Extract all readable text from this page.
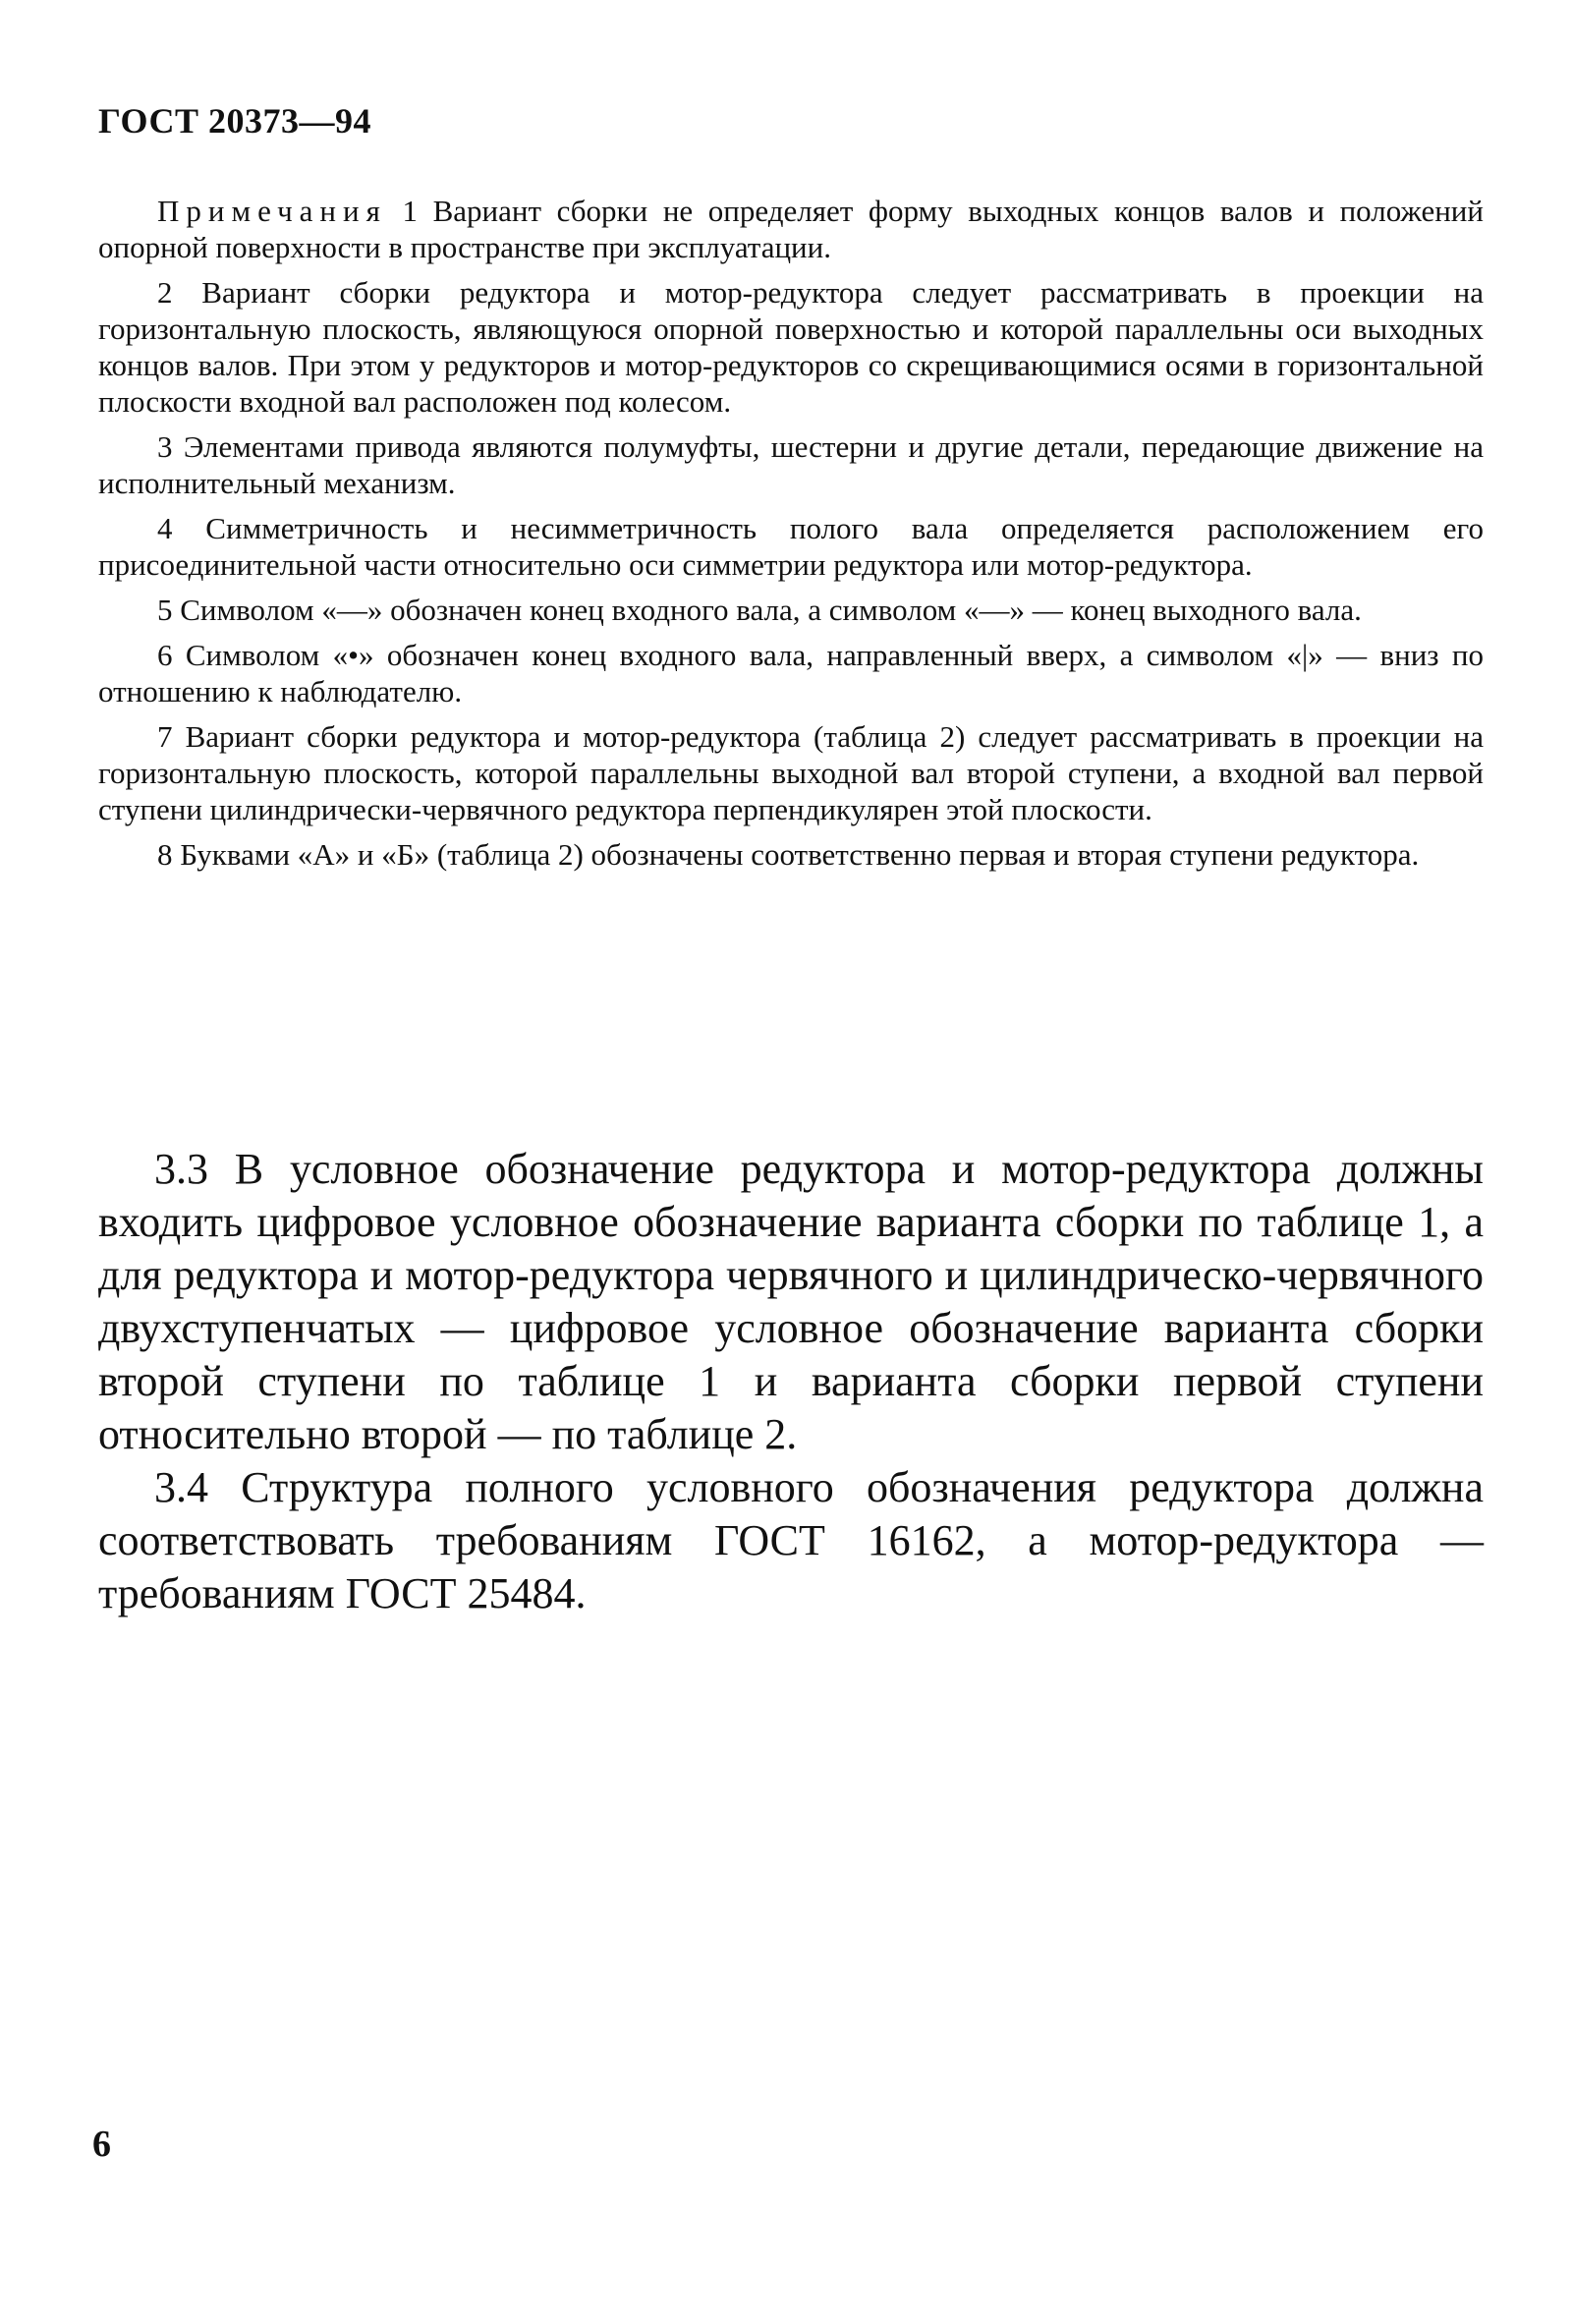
ГОСТ 20373—94

Примечания 1 Вариант сборки не определяет форму выходных концов валов и положений опорной поверхности в пространстве при эксплуатации.

2 Вариант сборки редуктора и мотор-редуктора следует рассматривать в проекции на горизонтальную плоскость, являющуюся опорной поверхностью и которой параллельны оси выходных концов валов. При этом у редукторов и мотор-редукторов со скрещивающимися осями в горизонтальной плоскости входной вал расположен под колесом.

3 Элементами привода являются полумуфты, шестерни и другие детали, передающие движение на исполнительный механизм.

4 Симметричность и несимметричность полого вала определяется расположением его присоединительной части относительно оси симметрии редуктора или мотор-редуктора.

5 Символом «—» обозначен конец входного вала, а символом «—» — конец выходного вала.

6 Символом «•» обозначен конец входного вала, направленный вверх, а символом «|» — вниз по отношению к наблюдателю.

7 Вариант сборки редуктора и мотор-редуктора (таблица 2) следует рассматривать в проекции на горизонтальную плоскость, которой параллельны выходной вал второй ступени, а входной вал первой ступени цилиндрически-червячного редуктора перпендикулярен этой плоскости.

8 Буквами «А» и «Б» (таблица 2) обозначены соответственно первая и вторая ступени редуктора.

3.3 В условное обозначение редуктора и мотор-редуктора должны входить цифровое условное обозначение варианта сборки по таблице 1, а для редуктора и мотор-редуктора червячного и цилиндрическо-червячного двухступенчатых — цифровое условное обозначение варианта сборки второй ступени по таблице 1 и варианта сборки первой ступени относительно второй — по таблице 2.

3.4 Структура полного условного обозначения редуктора должна соответствовать требованиям ГОСТ 16162, а мотор-редуктора — требованиям ГОСТ 25484.

6
